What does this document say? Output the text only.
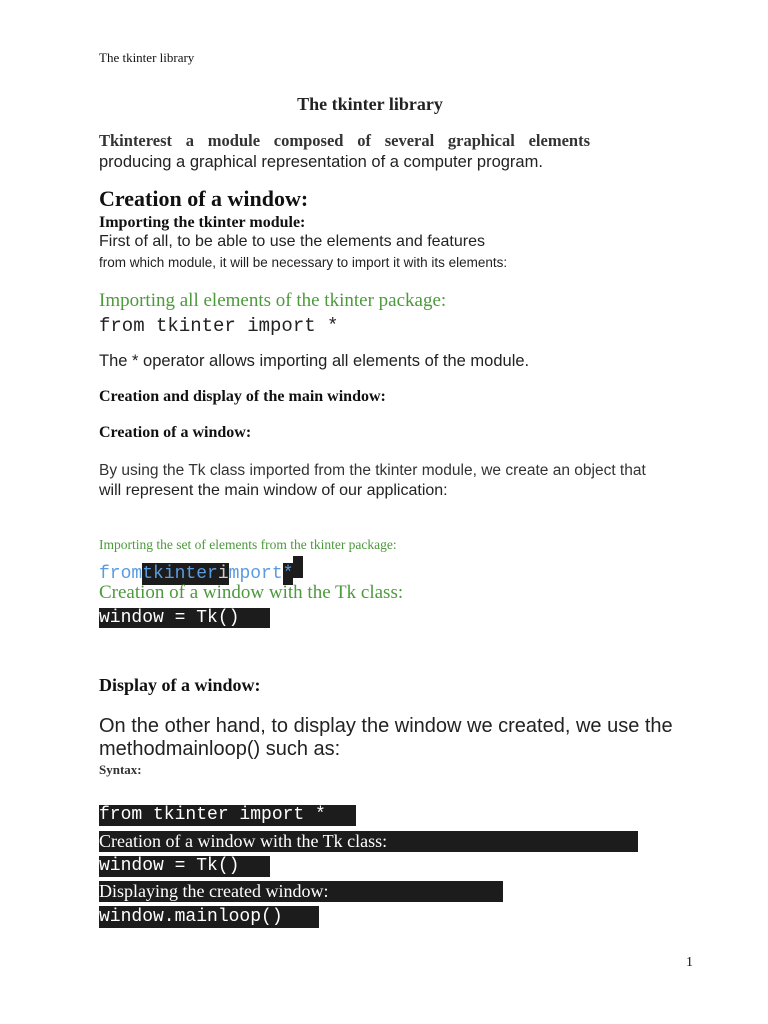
The tkinter library
The tkinter library
Tkinterest a module composed of several graphical elements
producing a graphical representation of a computer program.
Creation of a window:
Importing the tkinter module:
First of all, to be able to use the elements and features
from which module, it will be necessary to import it with its elements:
Importing all elements of the tkinter package:
from tkinter import *
The * operator allows importing all elements of the module.
Creation and display of the main window:
Creation of a window:
By using the Tk class imported from the tkinter module, we create an object that
will represent the main window of our application:
Importing the set of elements from the tkinter package:
fromtkinterimport*
Creation of a window with the Tk class:
window = Tk()
Display of a window:
On the other hand, to display the window we created, we use the
methodmainloop() such as:
Syntax:
from tkinter import *
Creation of a window with the Tk class:
window = Tk()
Displaying the created window:
window.mainloop()
1
